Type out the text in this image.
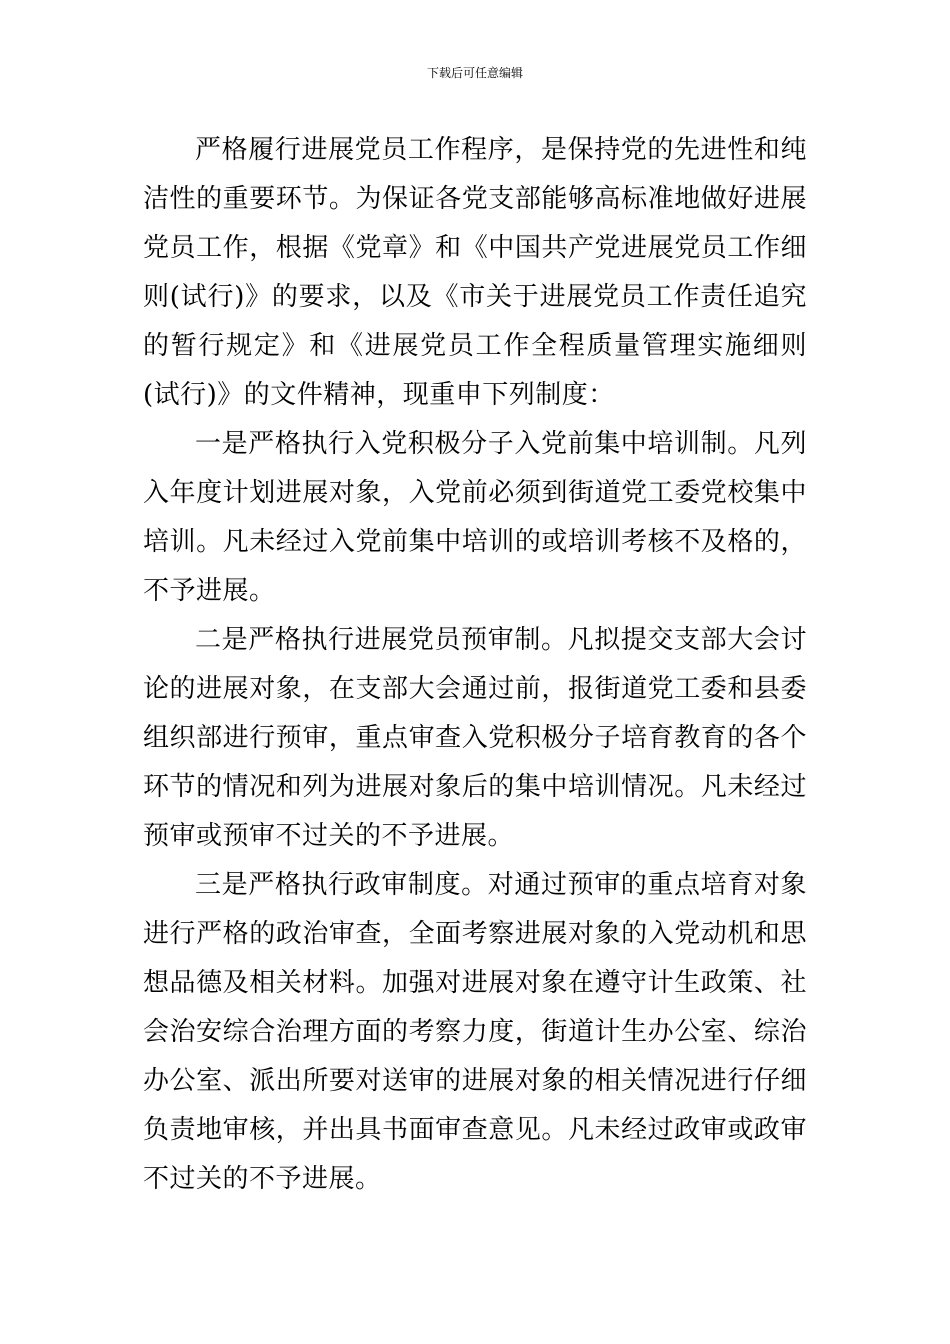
下载后可任意编辑

严格履行进展党员工作程序，是保持党的先进性和纯洁性的重要环节。为保证各党支部能够高标准地做好进展党员工作，根据《党章》和《中国共产党进展党员工作细则(试行)》的要求，以及《市关于进展党员工作责任追究的暂行规定》和《进展党员工作全程质量管理实施细则(试行)》的文件精神，现重申下列制度：

一是严格执行入党积极分子入党前集中培训制。凡列入年度计划进展对象，入党前必须到街道党工委党校集中培训。凡未经过入党前集中培训的或培训考核不及格的，不予进展。

二是严格执行进展党员预审制。凡拟提交支部大会讨论的进展对象，在支部大会通过前，报街道党工委和县委组织部进行预审，重点审查入党积极分子培育教育的各个环节的情况和列为进展对象后的集中培训情况。凡未经过预审或预审不过关的不予进展。

三是严格执行政审制度。对通过预审的重点培育对象进行严格的政治审查，全面考察进展对象的入党动机和思想品德及相关材料。加强对进展对象在遵守计生政策、社会治安综合治理方面的考察力度，街道计生办公室、综治办公室、派出所要对送审的进展对象的相关情况进行仔细负责地审核，并出具书面审查意见。凡未经过政审或政审不过关的不予进展。
